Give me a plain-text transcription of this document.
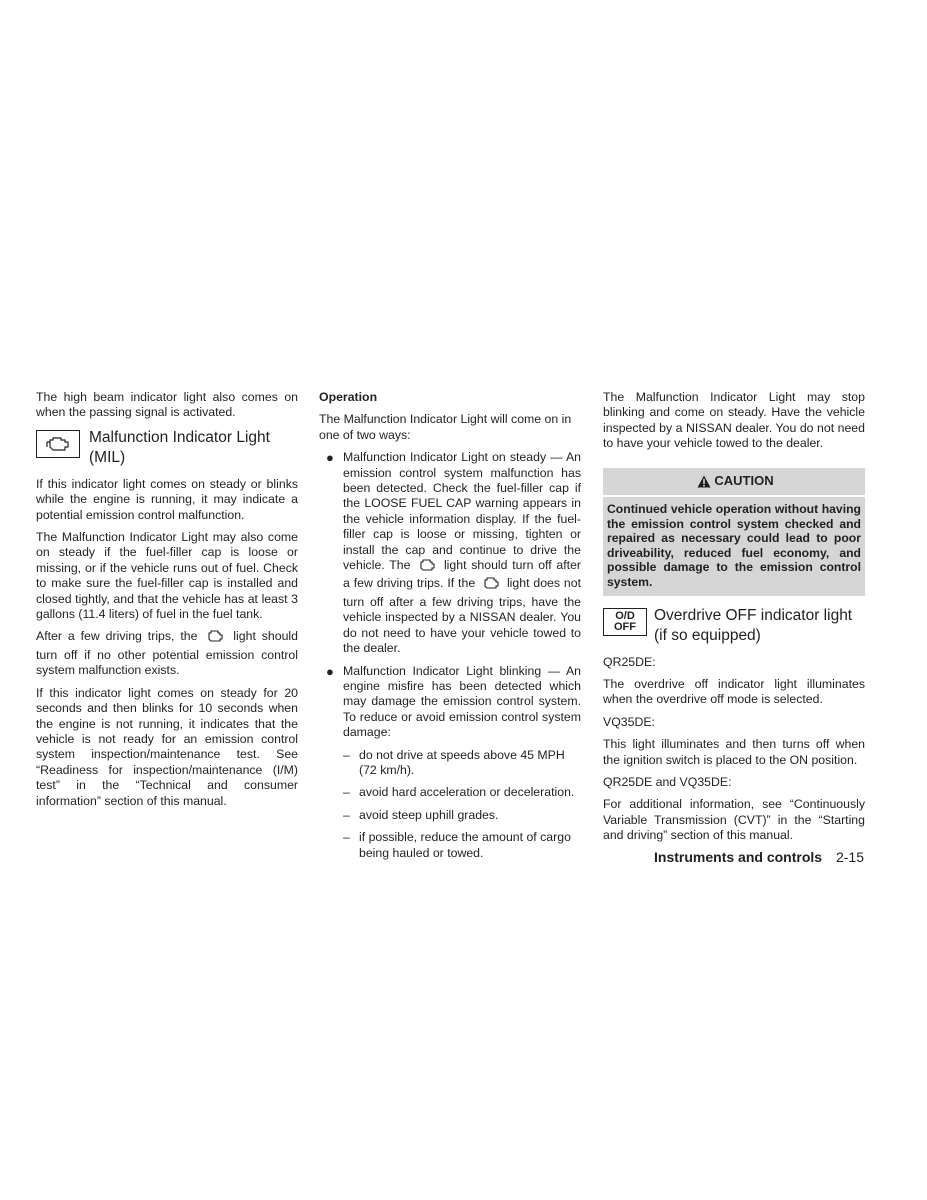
The high beam indicator light also comes on when the passing signal is activated.

Malfunction Indicator Light (MIL)

If this indicator light comes on steady or blinks while the engine is running, it may indicate a potential emission control malfunction.

The Malfunction Indicator Light may also come on steady if the fuel-filler cap is loose or missing, or if the vehicle runs out of fuel. Check to make sure the fuel-filler cap is installed and closed tightly, and that the vehicle has at least 3 gallons (11.4 liters) of fuel in the fuel tank.

After a few driving trips, the	light should turn off if no other potential emission control system malfunction exists.

If this indicator light comes on steady for 20 seconds and then blinks for 10 seconds when the engine is not running, it indicates that the vehicle is not ready for an emission control system inspection/maintenance test. See “Readiness for inspection/maintenance (I/M) test” in the “Technical and consumer information” section of this manual.

Operation

The Malfunction Indicator Light will come on in one of two ways:

● Malfunction Indicator Light on steady — An emission control system malfunction has been detected. Check the fuel-filler cap if the LOOSE FUEL CAP warning appears in the vehicle information display. If the fuel-filler cap is loose or missing, tighten or install the cap and continue to drive the vehicle. The	light should turn off after a few driving trips. If the	light does not turn off after a few driving trips, have the vehicle inspected by a NISSAN dealer. You do not need to have your vehicle towed to the dealer.
● Malfunction Indicator Light blinking — An engine misfire has been detected which may damage the emission control system. To reduce or avoid emission control system damage:
– do not drive at speeds above 45 MPH (72 km/h).
– avoid hard acceleration or deceleration.
– avoid steep uphill grades.
– if possible, reduce the amount of cargo being hauled or towed.

The Malfunction Indicator Light may stop blinking and come on steady. Have the vehicle inspected by a NISSAN dealer. You do not need to have your vehicle towed to the dealer.

CAUTION
Continued vehicle operation without having the emission control system checked and repaired as necessary could lead to poor driveability, reduced fuel economy, and possible damage to the emission control system.
O/D
OFF
Overdrive OFF indicator light (if so equipped)

QR25DE:

The overdrive off indicator light illuminates when the overdrive off mode is selected.

VQ35DE:

This light illuminates and then turns off when the ignition switch is placed to the ON position.

QR25DE and VQ35DE:

For additional information, see “Continuously Variable Transmission (CVT)” in the “Starting and driving” section of this manual.

Instruments and controls 2-15
